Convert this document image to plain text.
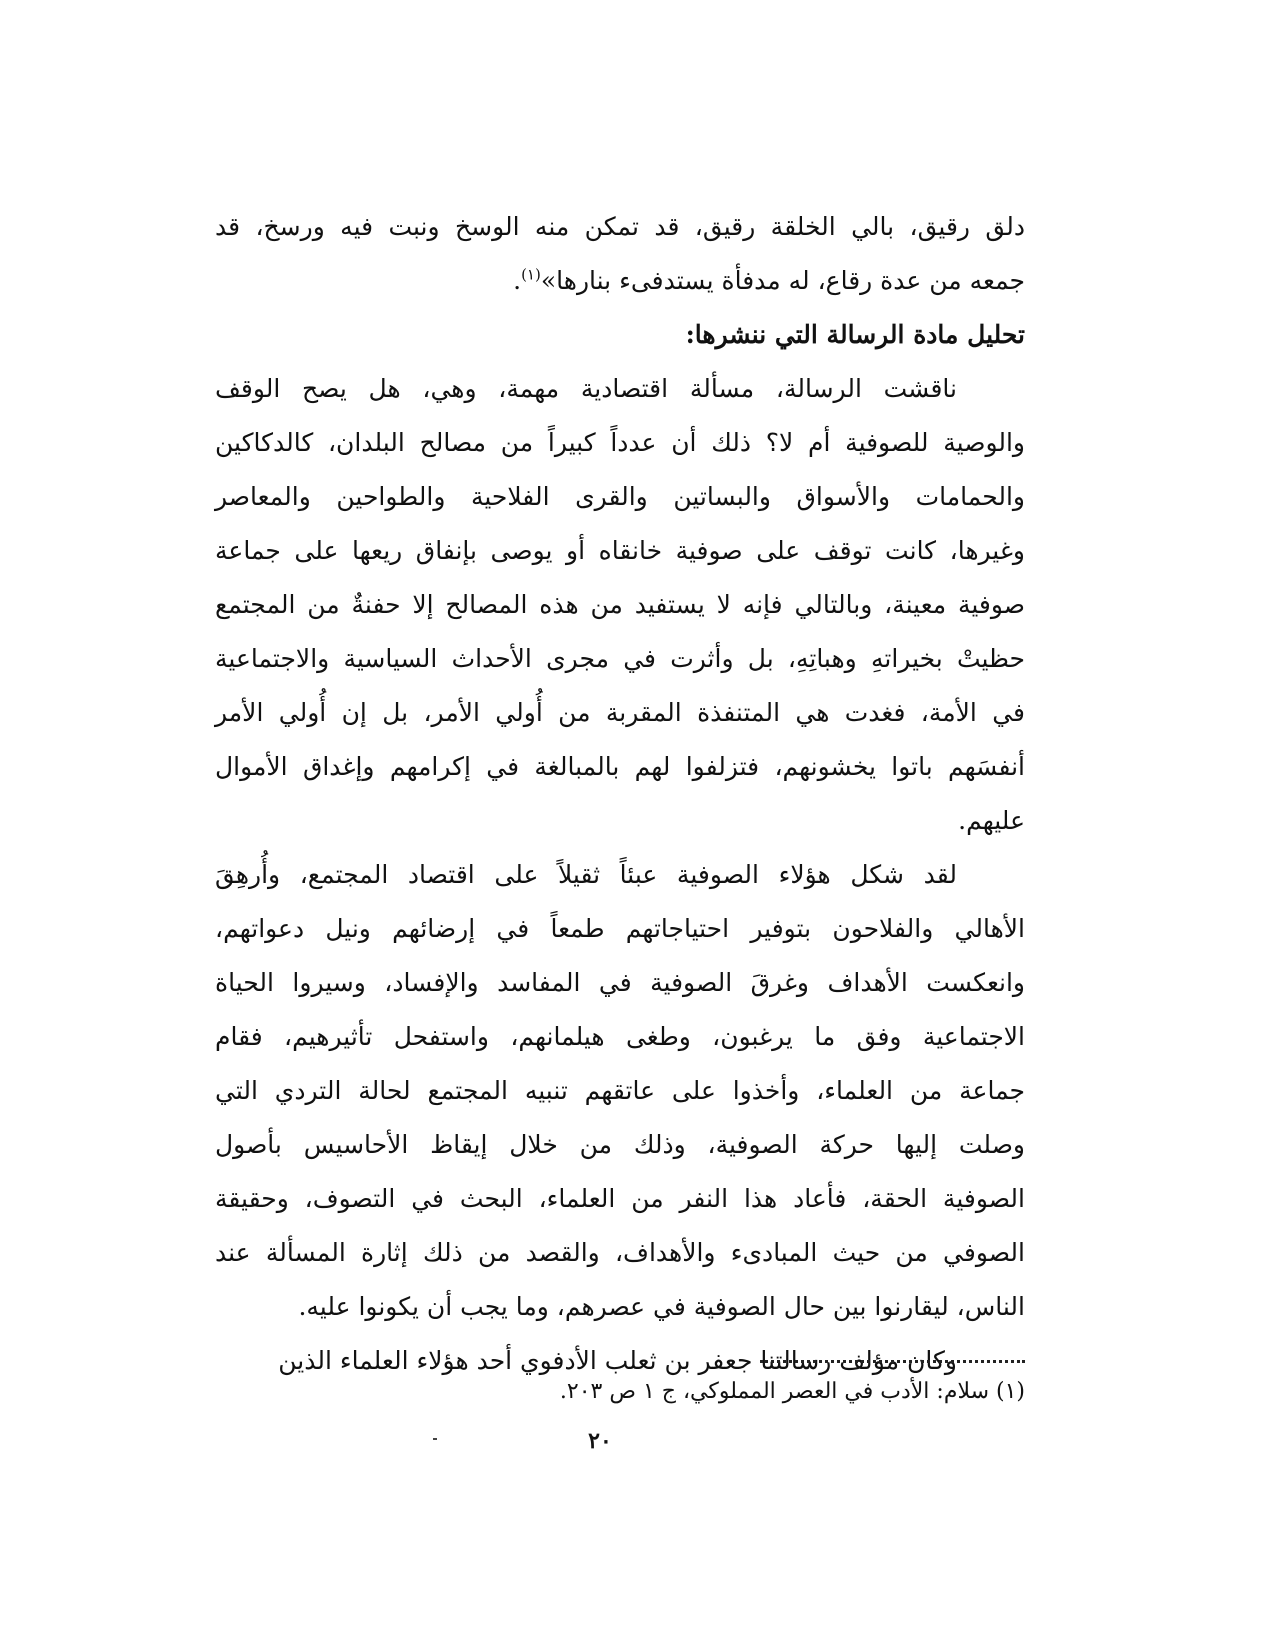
دلق رقيق، بالي الخلقة رقيق، قد تمكن منه الوسخ ونبت فيه ورسخ، قد
جمعه من عدة رقاع، له مدفأة يستدفىء بنارها»$^{(١)}$.
تحليل مادة الرسالة التي ننشرها:
ناقشت الرسالة، مسألة اقتصادية مهمة، وهي، هل يصح الوقف
والوصية للصوفية أم لا؟ ذلك أن عدداً كبيراً من مصالح البلدان، كالدكاكين
والحمامات والأسواق والبساتين والقرى الفلاحية والطواحين والمعاصر
وغيرها، كانت توقف على صوفية خانقاه أو يوصى بإنفاق ريعها على جماعة
صوفية معينة، وبالتالي فإنه لا يستفيد من هذه المصالح إلا حفنةٌ من المجتمع
حظيتْ بخيراتهِ وهباتِهِ، بل وأثرت في مجرى الأحداث السياسية والاجتماعية
في الأمة، فغدت هي المتنفذة المقربة من أُولي الأمر، بل إن أُولي الأمر
أنفسَهم باتوا يخشونهم، فتزلفوا لهم بالمبالغة في إكرامهم وإغداق الأموال
عليهم.
لقد شكل هؤلاء الصوفية عبئاً ثقيلاً على اقتصاد المجتمع، وأُرهِقَ
الأهالي والفلاحون بتوفير احتياجاتهم طمعاً في إرضائهم ونيل دعواتهم،
وانعكست الأهداف وغرقَ الصوفية في المفاسد والإفساد، وسيروا الحياة
الاجتماعية وفق ما يرغبون، وطغى هيلمانهم، واستفحل تأثيرهيم، فقام
جماعة من العلماء، وأخذوا على عاتقهم تنبيه المجتمع لحالة التردي التي
وصلت إليها حركة الصوفية، وذلك من خلال إيقاظ الأحاسيس بأصول
الصوفية الحقة، فأعاد هذا النفر من العلماء، البحث في التصوف، وحقيقة
الصوفي من حيث المبادىء والأهداف، والقصد من ذلك إثارة المسألة عند
الناس، ليقارنوا بين حال الصوفية في عصرهم، وما يجب أن يكونوا عليه.
وكان مؤلف رسالتنا جعفر بن ثعلب الأدفوي أحد هؤلاء العلماء الذين
(١) سلام: الأدب في العصر المملوكي، ج ١ ص ٢٠٣.
٢٠
